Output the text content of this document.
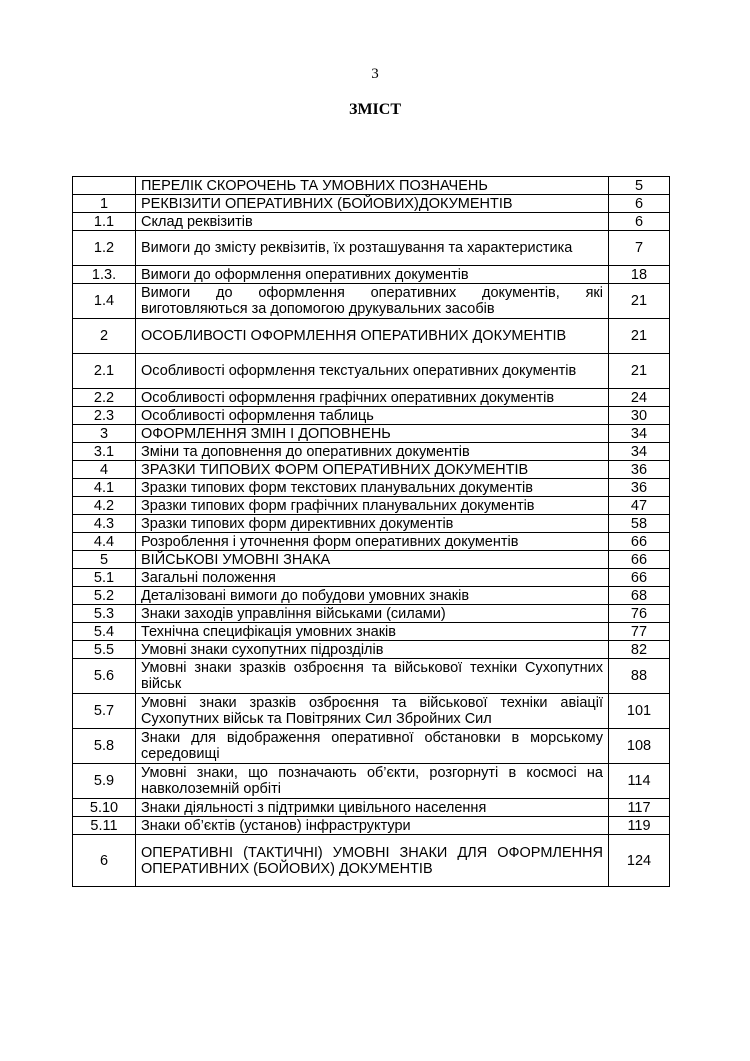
3
ЗМІСТ
	ПЕРЕЛІК СКОРОЧЕНЬ ТА УМОВНИХ ПОЗНАЧЕНЬ	5
1	РЕКВІЗИТИ ОПЕРАТИВНИХ (БОЙОВИХ)ДОКУМЕНТІВ	6
1.1	Склад реквізитів	6
1.2	Вимоги до змісту реквізитів, їх розташування та характеристика	7
1.3.	Вимоги до оформлення оперативних документів	18
1.4	Вимоги до оформлення оперативних документів, які виготовляються за допомогою друкувальних засобів	21
2	ОСОБЛИВОСТІ ОФОРМЛЕННЯ ОПЕРАТИВНИХ ДОКУМЕНТІВ	21
2.1	Особливості оформлення текстуальних оперативних документів	21
2.2	Особливості оформлення графічних оперативних документів	24
2.3	Особливості оформлення таблиць	30
3	ОФОРМЛЕННЯ ЗМІН І ДОПОВНЕНЬ	34
3.1	Зміни та доповнення до оперативних документів	34
4	ЗРАЗКИ ТИПОВИХ ФОРМ ОПЕРАТИВНИХ ДОКУМЕНТІВ	36
4.1	Зразки типових форм текстових планувальних документів	36
4.2	Зразки типових форм графічних планувальних документів	47
4.3	Зразки типових форм директивних документів	58
4.4	Розроблення і уточнення форм оперативних документів	66
5	ВІЙСЬКОВІ УМОВНІ ЗНАКА	66
5.1	Загальні положення	66
5.2	Деталізовані вимоги до побудови умовних знаків	68
5.3	Знаки заходів управління військами (силами)	76
5.4	Технічна специфікація умовних знаків	77
5.5	Умовні знаки сухопутних підрозділів	82
5.6	Умовні знаки зразків озброєння та військової техніки Сухопутних військ	88
5.7	Умовні знаки зразків озброєння та військової техніки авіації Сухопутних військ та Повітряних Сил Збройних Сил	101
5.8	Знаки для відображення оперативної обстановки в морському середовищі	108
5.9	Умовні знаки, що позначають об’єкти, розгорнуті в космосі на навколоземній орбіті	114
5.10	Знаки діяльності з підтримки цивільного населення	117
5.11	Знаки об’єктів (установ) інфраструктури	119
6	ОПЕРАТИВНІ (ТАКТИЧНІ) УМОВНІ ЗНАКИ ДЛЯ ОФОРМЛЕННЯ ОПЕРАТИВНИХ (БОЙОВИХ) ДОКУМЕНТІВ	124
